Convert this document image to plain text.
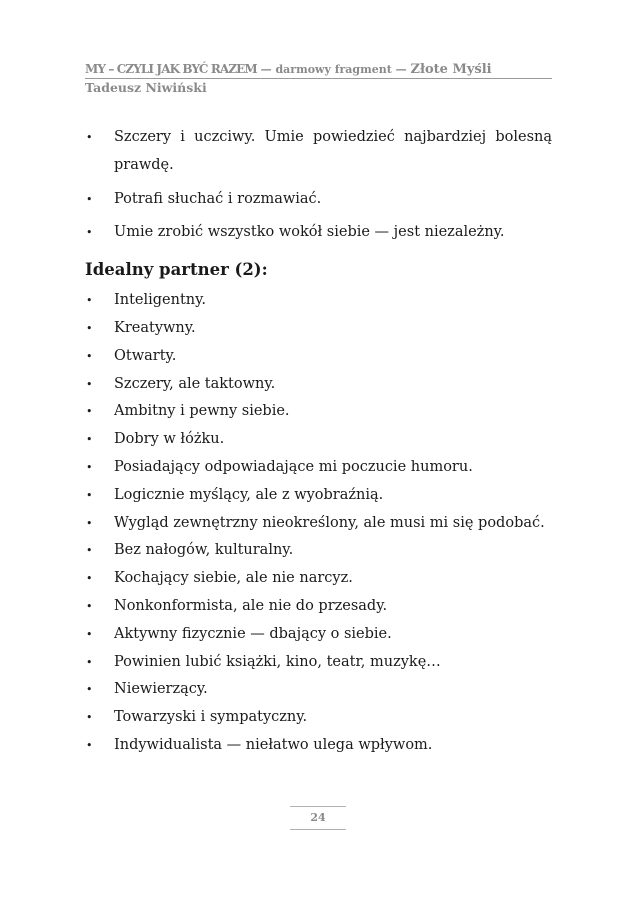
MY – CZYLI JAK BYĆ RAZEM — darmowy fragment — Złote Myśli
Tadeusz Niwiński
• Szczery i uczciwy. Umie powiedzieć najbardziej bolesną prawdę.
• Potrafi słuchać i rozmawiać.
• Umie zrobić wszystko wokół siebie — jest niezależny.
Idealny partner (2):
• Inteligentny.
• Kreatywny.
• Otwarty.
• Szczery, ale taktowny.
• Ambitny i pewny siebie.
• Dobry w łóżku.
• Posiadający odpowiadające mi poczucie humoru.
• Logicznie myślący, ale z wyobraźnią.
• Wygląd zewnętrzny nieokreślony, ale musi mi się podobać.
• Bez nałogów, kulturalny.
• Kochający siebie, ale nie narcyz.
• Nonkonformista, ale nie do przesady.
• Aktywny fizycznie — dbający o siebie.
• Powinien lubić książki, kino, teatr, muzykę…
• Niewierzący.
• Towarzyski i sympatyczny.
• Indywidualista — niełatwo ulega wpływom.
24
